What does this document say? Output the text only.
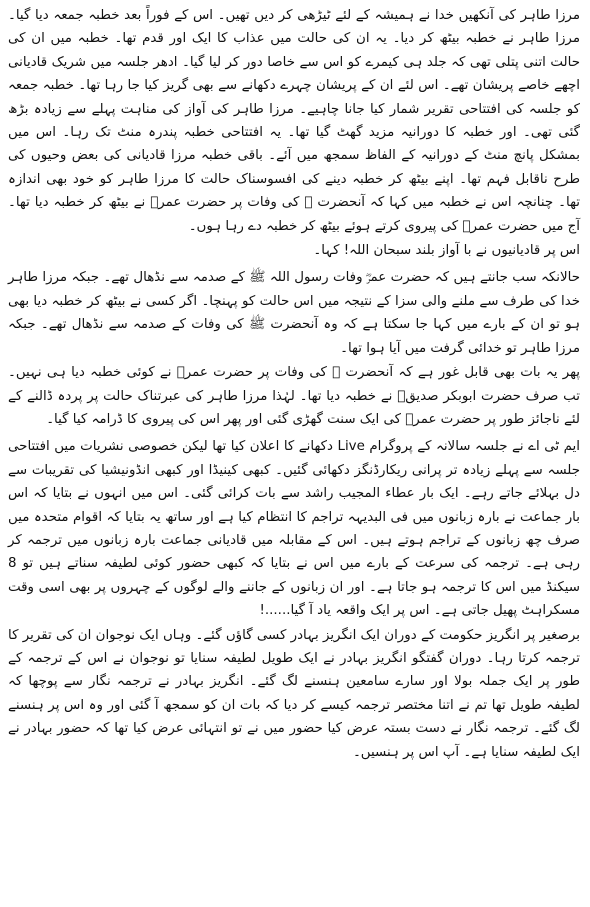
مرزا طاہر کی آنکھیں خدا نے ہمیشہ کے لئے ٹیڑھی کر دیں تھیں۔ اس کے فوراً بعد خطبہ جمعہ دیا گیا۔ مرزا طاہر نے خطبہ بیٹھ کر دیا۔ یہ ان کی حالت میں عذاب کا ایک اور قدم تھا۔ خطبہ میں ان کی حالت اتنی پتلی تھی کہ جلد ہی کیمرے کو اس سے خاصا دور کر لیا گیا۔ ادھر جلسہ میں شریک قادیانی اچھے خاصے پریشان تھے۔ اس لئے ان کے پریشان چہرے دکھانے سے بھی گریز کیا جا رہا تھا۔ خطبہ جمعہ کو جلسہ کی افتتاحی تقریر شمار کیا جانا چاہیے۔ مرزا طاہر کی آواز کی مناہت پہلے سے زیادہ بڑھ گئی تھی۔ اور خطبہ کا دورانیہ مزید گھٹ گیا تھا۔ یہ افتتاحی خطبہ پندرہ منٹ تک رہا۔ اس میں بمشکل پانچ منٹ کے دورانیہ کے الفاظ سمجھ میں آئے۔ باقی خطبہ مرزا قادیانی کی بعض وحیوں کی طرح ناقابل فہم تھا۔ اپنے بیٹھ کر خطبہ دینے کی افسوسناک حالت کا مرزا طاہر کو خود بھی اندازہ تھا۔ چنانچہ اس نے خطبہ میں کہا کہ آنحضرت ﷺ کی وفات پر حضرت عمرؓ نے بیٹھ کر خطبہ دیا تھا۔ آج میں حضرت عمرؓ کی پیروی کرتے ہوئے بیٹھ کر خطبہ دے رہا ہوں۔

اس پر قادیانیوں نے با آواز بلند سبحان اللہ! کہا۔

حالانکہ سب جانتے ہیں کہ حضرت عمرؓ وفات رسول اللہ ﷺ کے صدمہ سے نڈھال تھے۔ جبکہ مرزا طاہر خدا کی طرف سے ملنے والی سزا کے نتیجہ میں اس حالت کو پہنچا۔ اگر کسی نے بیٹھ کر خطبہ دیا بھی ہو تو ان کے بارے میں کہا جا سکتا ہے کہ وہ آنحضرت ﷺ کی وفات کے صدمہ سے نڈھال تھے۔ جبکہ مرزا طاہر تو خدائی گرفت میں آیا ہوا تھا۔

پھر یہ بات بھی قابل غور ہے کہ آنحضرت ﷺ کی وفات پر حضرت عمرؓ نے کوئی خطبہ دیا ہی نہیں۔ تب صرف حضرت ابوبکر صدیقؓ نے خطبہ دیا تھا۔ لہٰذا مرزا طاہر کی عبرتناک حالت پر پردہ ڈالنے کے لئے ناجائز طور پر حضرت عمرؓ کی ایک سنت گھڑی گئی اور پھر اس کی پیروی کا ڈرامہ کیا گیا۔

ایم ٹی اے نے جلسہ سالانہ کے پروگرام Live دکھانے کا اعلان کیا تھا لیکن خصوصی نشریات میں افتتاحی جلسہ سے پہلے زیادہ تر پرانی ریکارڈنگز دکھائی گئیں۔ کبھی کینیڈا اور کبھی انڈونیشیا کی تقریبات سے دل بہلائے جاتے رہے۔ ایک بار عطاء المجیب راشد سے بات کرائی گئی۔ اس میں انہوں نے بتایا کہ اس بار جماعت نے بارہ زبانوں میں فی البدیہہ تراجم کا انتظام کیا ہے اور ساتھ یہ بتایا کہ اقوام متحدہ میں صرف چھ زبانوں کے تراجم ہوتے ہیں۔ اس کے مقابلہ میں قادیانی جماعت بارہ زبانوں میں ترجمہ کر رہی ہے۔ ترجمہ کی سرعت کے بارے میں اس نے بتایا کہ کبھی حضور کوئی لطیفہ سناتے ہیں تو 8 سیکنڈ میں اس کا ترجمہ ہو جاتا ہے۔ اور ان زبانوں کے جاننے والے لوگوں کے چہروں پر بھی اسی وقت مسکراہٹ پھیل جاتی ہے۔ اس پر ایک واقعہ یاد آ گیا......!

برصغیر پر انگریز حکومت کے دوران ایک انگریز بہادر کسی گاؤں گئے۔ وہاں ایک نوجوان ان کی تقریر کا ترجمہ کرتا رہا۔ دوران گفتگو انگریز بہادر نے ایک طویل لطیفہ سنایا تو نوجوان نے اس کے ترجمہ کے طور پر ایک جملہ بولا اور سارے سامعین ہنسنے لگ گئے۔ انگریز بہادر نے ترجمہ نگار سے پوچھا کہ لطیفہ طویل تھا تم نے اتنا مختصر ترجمہ کیسے کر دیا کہ بات ان کو سمجھ آ گئی اور وہ اس پر ہنسنے لگ گئے۔ ترجمہ نگار نے دست بستہ عرض کیا حضور میں نے تو انتہائی عرض کیا تھا کہ حضور بہادر نے ایک لطیفہ سنایا ہے۔ آپ اس پر ہنسیں۔
